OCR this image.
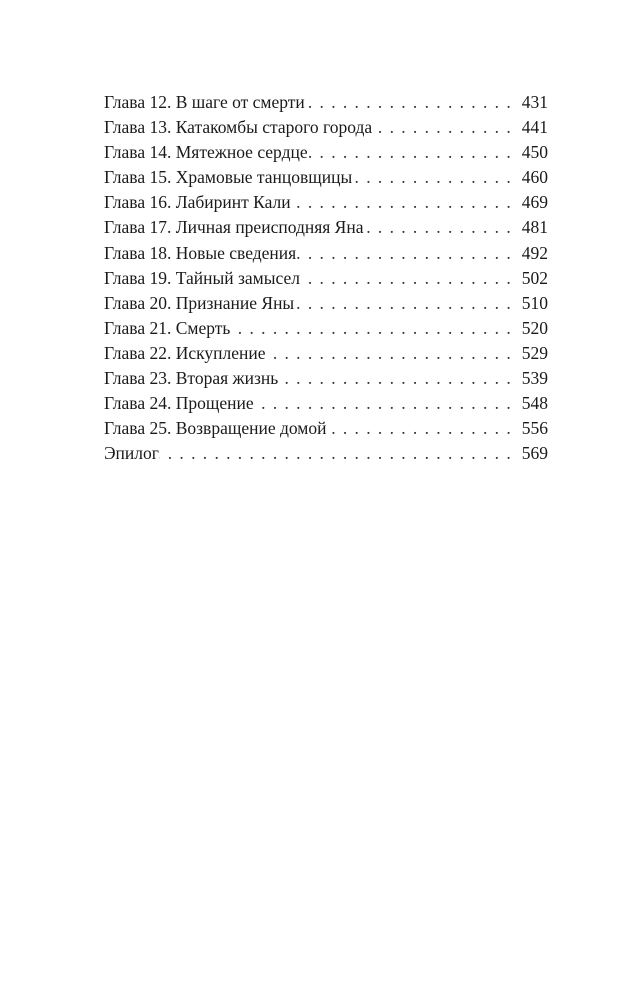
Глава 12. В шаге от смерти .....	431
Глава 13. Катакомбы старого города .....	441
Глава 14. Мятежное сердце .....	450
Глава 15. Храмовые танцовщицы .....	460
Глава 16. Лабиринт Кали .....	469
Глава 17. Личная преисподняя Яна .....	481
Глава 18. Новые сведения .....	492
Глава 19. Тайный замысел .....	502
Глава 20. Признание Яны .....	510
Глава 21. Смерть .....	520
Глава 22. Искупление .....	529
Глава 23. Вторая жизнь .....	539
Глава 24. Прощение .....	548
Глава 25. Возвращение домой .....	556
Эпилог .....	569
